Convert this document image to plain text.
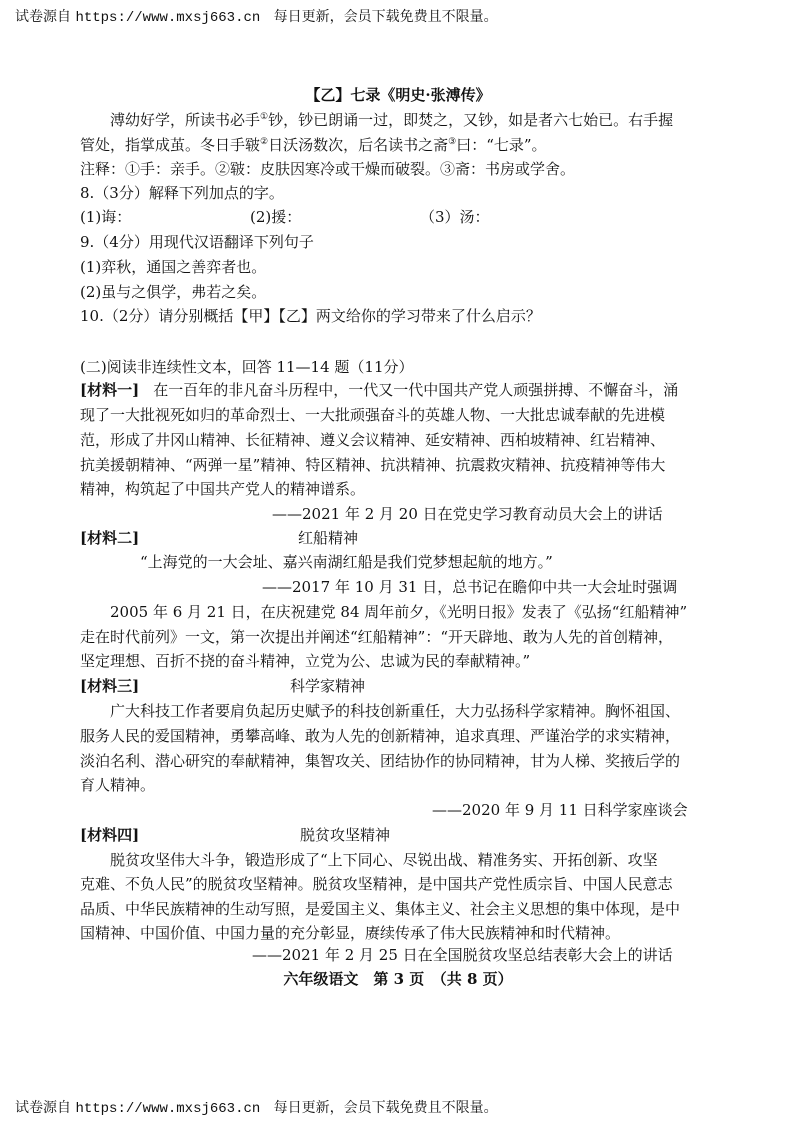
试卷源自 https://www.mxsj663.cn 每日更新，会员下载免费且不限量。
【乙】七录《明史·张溥传》
溥幼好学，所读书必手①钞，钞已朗诵一过，即焚之，又钞，如是者六七始已。右手握
管处，指掌成茧。冬日手皲②日沃汤数次，后名读书之斋③曰：“七录”。
注释：①手：亲手。②皲：皮肤因寒冷或干燥而破裂。③斋：书房或学舍。
8.（3分）解释下列加点的字。
(1)诲：	(2)援：	（3）汤：
9.（4分）用现代汉语翻译下列句子
(1)弈秋，通国之善弈者也。
(2)虽与之俱学，弗若之矣。
10.（2分）请分别概括【甲】【乙】两文给你的学习带来了什么启示？
(二)阅读非连续性文本，回答 11—14 题（11分）
[材料一] 在一百年的非凡奋斗历程中，一代又一代中国共产党人顽强拼搏、不懈奋斗，涌
现了一大批视死如归的革命烈士、一大批顽强奋斗的英雄人物、一大批忠诚奉献的先进模
范，形成了井冈山精神、长征精神、遵义会议精神、延安精神、西柏坡精神、红岩精神、
抗美援朝精神、“两弹一星”精神、特区精神、抗洪精神、抗震救灾精神、抗疫精神等伟大
精神，构筑起了中国共产党人的精神谱系。
——2021 年 2 月 20 日在党史学习教育动员大会上的讲话
[材料二]	红船精神
“上海党的一大会址、嘉兴南湖红船是我们党梦想起航的地方。”
——2017 年 10 月 31 日，总书记在瞻仰中共一大会址时强调
2005 年 6 月 21 日，在庆祝建党 84 周年前夕，《光明日报》发表了《弘扬“红船精神”
走在时代前列》一文，第一次提出并阐述“红船精神”：“开天辟地、敢为人先的首创精神，
坚定理想、百折不挠的奋斗精神，立党为公、忠诚为民的奉献精神。”
[材料三]	科学家精神
广大科技工作者要肩负起历史赋予的科技创新重任，大力弘扬科学家精神。胸怀祖国、
服务人民的爱国精神，勇攀高峰、敢为人先的创新精神，追求真理、严谨治学的求实精神，
淡泊名利、潜心研究的奉献精神，集智攻关、团结协作的协同精神，甘为人梯、奖掖后学的
育人精神。
——2020 年 9 月 11 日科学家座谈会
[材料四]	脱贫攻坚精神
脱贫攻坚伟大斗争，锻造形成了“上下同心、尽锐出战、精准务实、开拓创新、攻坚
克难、不负人民”的脱贫攻坚精神。脱贫攻坚精神，是中国共产党性质宗旨、中国人民意志
品质、中华民族精神的生动写照，是爱国主义、集体主义、社会主义思想的集中体现，是中
国精神、中国价值、中国力量的充分彰显，赓续传承了伟大民族精神和时代精神。
——2021 年 2 月 25 日在全国脱贫攻坚总结表彰大会上的讲话
六年级语文　第 3 页　（共 8 页）
试卷源自 https://www.mxsj663.cn 每日更新，会员下载免费且不限量。
